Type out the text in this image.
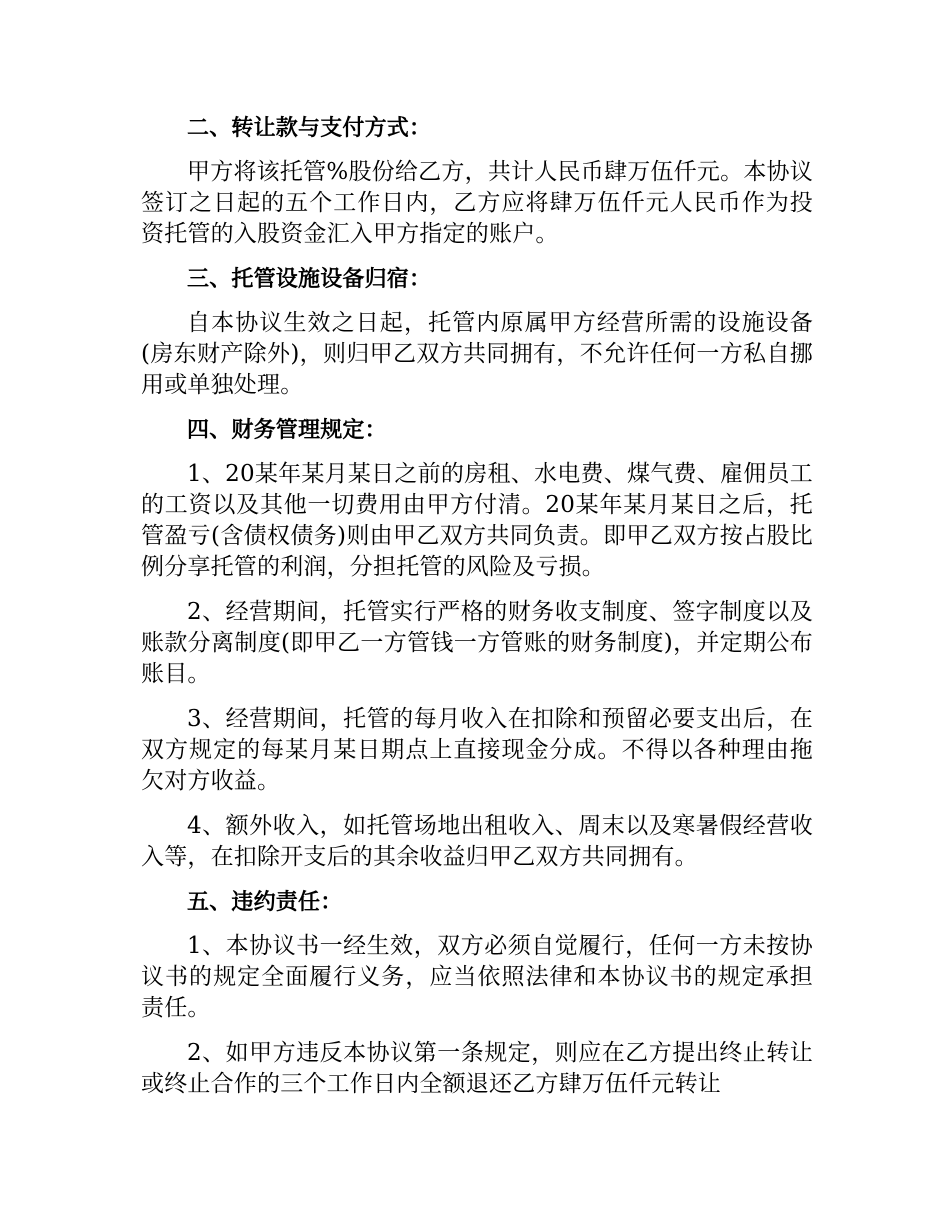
二、转让款与支付方式：
甲方将该托管%股份给乙方，共计人民币肆万伍仟元。本协议签订之日起的五个工作日内，乙方应将肆万伍仟元人民币作为投资托管的入股资金汇入甲方指定的账户。
三、托管设施设备归宿：
自本协议生效之日起，托管内原属甲方经营所需的设施设备(房东财产除外)，则归甲乙双方共同拥有，不允许任何一方私自挪用或单独处理。
四、财务管理规定：
1、20某年某月某日之前的房租、水电费、煤气费、雇佣员工的工资以及其他一切费用由甲方付清。20某年某月某日之后，托管盈亏(含债权债务)则由甲乙双方共同负责。即甲乙双方按占股比例分享托管的利润，分担托管的风险及亏损。
2、经营期间，托管实行严格的财务收支制度、签字制度以及账款分离制度(即甲乙一方管钱一方管账的财务制度)，并定期公布账目。
3、经营期间，托管的每月收入在扣除和预留必要支出后，在双方规定的每某月某日期点上直接现金分成。不得以各种理由拖欠对方收益。
4、额外收入，如托管场地出租收入、周末以及寒暑假经营收入等，在扣除开支后的其余收益归甲乙双方共同拥有。
五、违约责任：
1、本协议书一经生效，双方必须自觉履行，任何一方未按协议书的规定全面履行义务，应当依照法律和本协议书的规定承担责任。
2、如甲方违反本协议第一条规定，则应在乙方提出终止转让或终止合作的三个工作日内全额退还乙方肆万伍仟元转让
